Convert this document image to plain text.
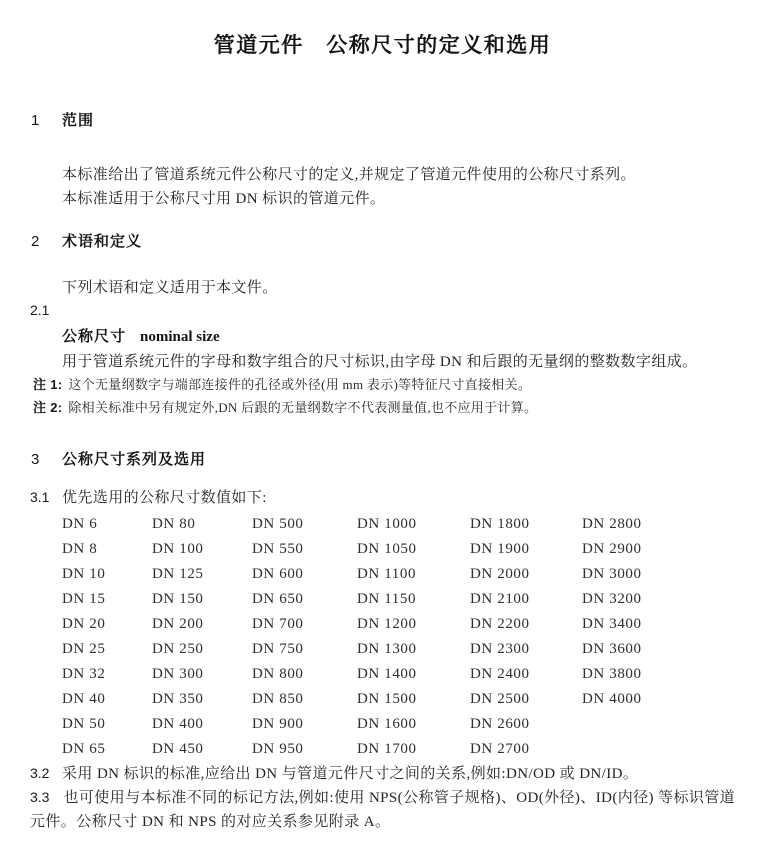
管道元件　公称尺寸的定义和选用
1 范围
本标准给出了管道系统元件公称尺寸的定义,并规定了管道元件使用的公称尺寸系列。
本标准适用于公称尺寸用 DN 标识的管道元件。
2 术语和定义
下列术语和定义适用于本文件。
2.1
公称尺寸 nominal size
用于管道系统元件的字母和数字组合的尺寸标识,由字母 DN 和后跟的无量纲的整数数字组成。
注 1: 这个无量纲数字与端部连接件的孔径或外径(用 mm 表示)等特征尺寸直接相关。
注 2: 除相关标准中另有规定外,DN 后跟的无量纲数字不代表测量值,也不应用于计算。
3 公称尺寸系列及选用
3.1 优先选用的公称尺寸数值如下:
DN 6	DN 80	DN 500	DN 1000	DN 1800	DN 2800
DN 8	DN 100	DN 550	DN 1050	DN 1900	DN 2900
DN 10	DN 125	DN 600	DN 1100	DN 2000	DN 3000
DN 15	DN 150	DN 650	DN 1150	DN 2100	DN 3200
DN 20	DN 200	DN 700	DN 1200	DN 2200	DN 3400
DN 25	DN 250	DN 750	DN 1300	DN 2300	DN 3600
DN 32	DN 300	DN 800	DN 1400	DN 2400	DN 3800
DN 40	DN 350	DN 850	DN 1500	DN 2500	DN 4000
DN 50	DN 400	DN 900	DN 1600	DN 2600
DN 65	DN 450	DN 950	DN 1700	DN 2700
3.2 采用 DN 标识的标准,应给出 DN 与管道元件尺寸之间的关系,例如:DN/OD 或 DN/ID。
3.3 也可使用与本标准不同的标记方法,例如:使用 NPS(公称管子规格)、OD(外径)、ID(内径) 等标识管道元件。公称尺寸 DN 和 NPS 的对应关系参见附录 A。
